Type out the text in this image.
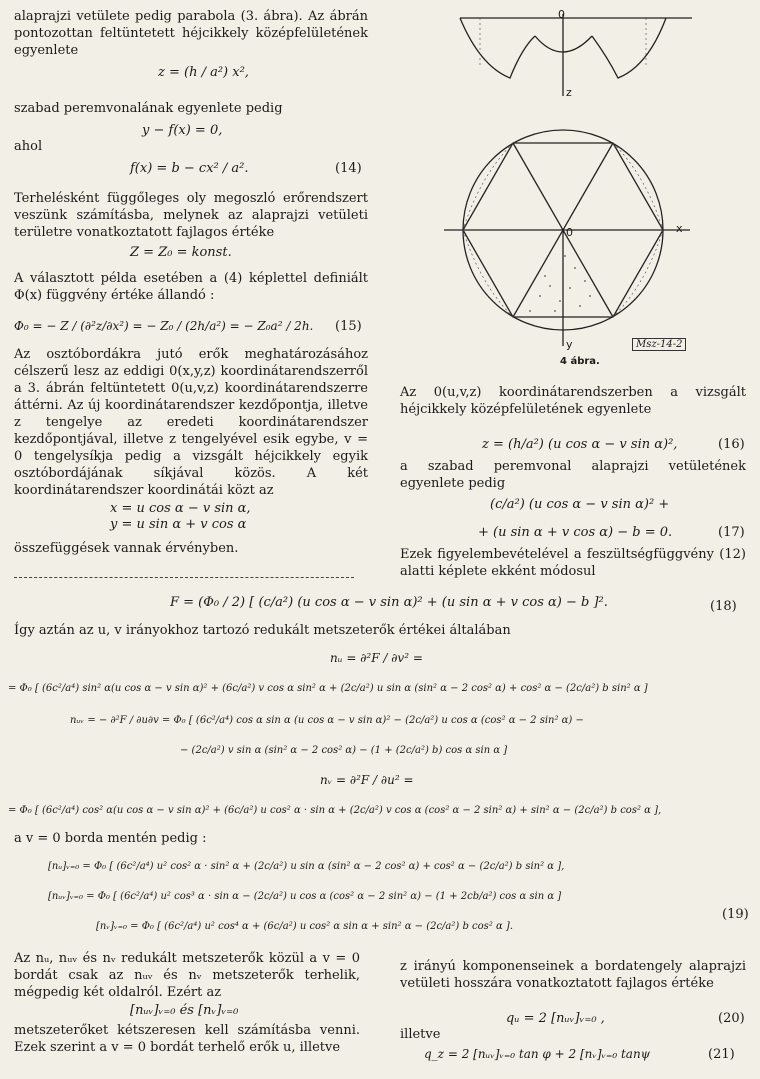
alaprajzi vetülete pedig parabola (3. ábra). Az ábrán pontozottan feltüntetett héjcikkely középfelületének egyenlete

z = (h / a²) x²,

szabad peremvonalának egyenlete pedig

y − f(x) = 0,

ahol

f(x) = b − cx² / a².	(14)

Terhelésként függőleges oly megoszló erőrendszert veszünk számításba, melynek az alaprajzi vetületi területre vonatkoztatott fajlagos értéke

Z = Z₀ = konst.

A választott példa esetében a (4) képlettel definiált Φ(x) függvény értéke állandó :

Φ₀ = − Z / (∂²z/∂x²) = − Z₀ / (2h/a²) = − Z₀a² / 2h. (15)

Az osztóbordákra jutó erők meghatározásához célszerű lesz az eddigi 0(x,y,z) koordinátarendszerről a 3. ábrán feltüntetett 0(u,v,z) koordinátarendszerre áttérni. Az új koordinátarendszer kezdőpontja, illetve z tengelye az eredeti koordinátarendszer kezdőpontjával, illetve z tengelyével esik egybe, v = 0 tengelysíkja pedig a vizsgált héjcikkely egyik osztóbordájának síkjával közös. A két koordinátarendszer koordinátái közt az

x = u cos α − v sin α,
y = u sin α + v cos α

összefüggések vannak érvényben.

x
z
y
0
0
4 ábra.
Msz-14-2

Az 0(u,v,z) koordinátarendszerben a vizsgált héjcikkely középfelületének egyenlete

z = (h/a²) (u cos α − v sin α)²,	(16)

a szabad peremvonal alaprajzi vetületének egyenlete pedig

(c/a²) (u cos α − v sin α)² +
+ (u sin α + v cos α) − b = 0.	(17)

Ezek figyelembevételével a feszültségfüggvény (12) alatti képlete ekként módosul

F = (Φ₀ / 2) [ (c/a²) (u cos α − v sin α)² + (u sin α + v cos α) − b ]².	(18)

Így aztán az u, v irányokhoz tartozó redukált metszeterők értékei általában

nᵤ = ∂²F / ∂v² =
= Φ₀ [ (6c²/a⁴) sin² α(u cos α − v sin α)² + (6c/a²) v cos α sin² α + (2c/a²) u sin α (sin² α − 2 cos² α) + cos² α − (2c/a²) b sin² α ]
nᵤᵥ = − ∂²F / ∂u∂v = Φ₀ [ (6c²/a⁴) cos α sin α (u cos α − v sin α)² − (2c/a²) u cos α (cos² α − 2 sin² α) −
− (2c/a²) v sin α (sin² α − 2 cos² α) − (1 + (2c/a²) b) cos α sin α ]
nᵥ = ∂²F / ∂u² =
= Φ₀ [ (6c²/a⁴) cos² α(u cos α − v sin α)² + (6c/a²) u cos² α · sin α + (2c/a²) v cos α (cos² α − 2 sin² α) + sin² α − (2c/a²) b cos² α ],

a v = 0 borda mentén pedig :

[nᵤ]ᵥ₌₀ = Φ₀ [ (6c²/a⁴) u² cos² α · sin² α + (2c/a²) u sin α (sin² α − 2 cos² α) + cos² α − (2c/a²) b sin² α ],
[nᵤᵥ]ᵥ₌₀ = Φ₀ [ (6c²/a⁴) u² cos³ α · sin α − (2c/a²) u cos α (cos² α − 2 sin² α) − (1 + 2cb/a²) cos α sin α ]
(19)
[nᵥ]ᵥ₌₀ = Φ₀ [ (6c²/a⁴) u² cos⁴ α + (6c/a²) u cos² α sin α + sin² α − (2c/a²) b cos² α ].

Az nᵤ, nᵤᵥ és nᵥ redukált metszeterők közül a v = 0 bordát csak az nᵤᵥ és nᵥ metszeterők terhelik, mégpedig két oldalról. Ezért az

[nᵤᵥ]ᵥ₌₀ és [nᵥ]ᵥ₌₀

metszeterőket kétszeresen kell számításba venni. Ezek szerint a v = 0 bordát terhelő erők u, illetve

z irányú komponenseinek a bordatengely alaprajzi vetületi hosszára vonatkoztatott fajlagos értéke

qᵤ = 2 [nᵤᵥ]ᵥ₌₀ ,	(20)

illetve

q_z = 2 [nᵤᵥ]ᵥ₌₀ tan φ + 2 [nᵥ]ᵥ₌₀ tanψ	(21)
